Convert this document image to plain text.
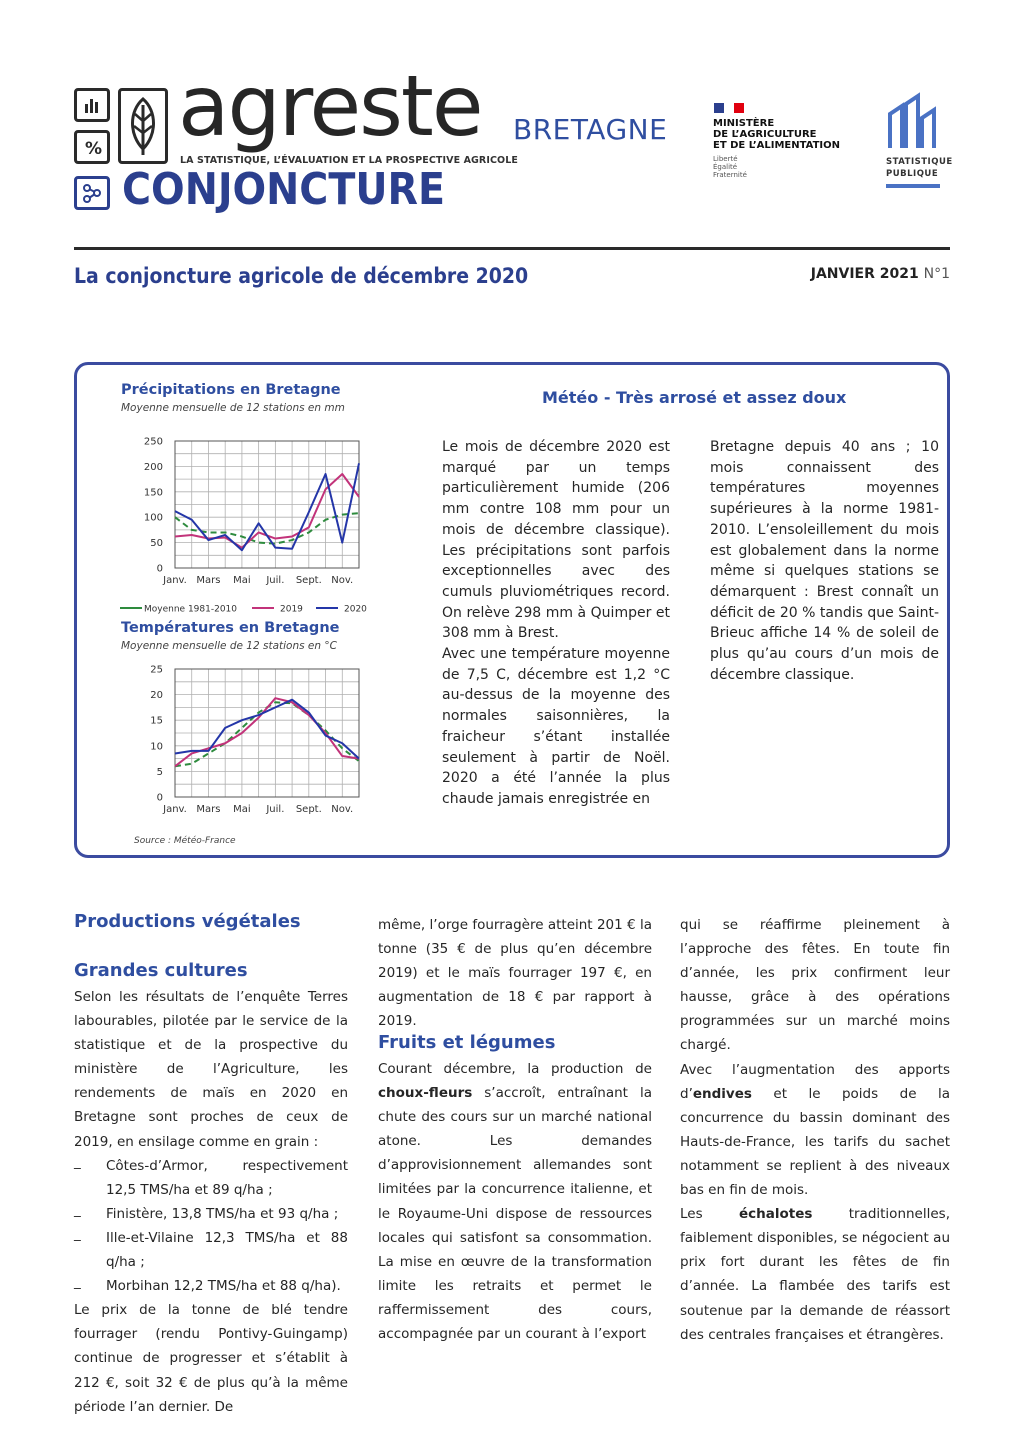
% agreste
LA STATISTIQUE, L’ÉVALUATION ET LA PROSPECTIVE AGRICOLE
CONJONCTURE
BRETAGNE	MINISTÈRE
DE L’AGRICULTURE
ET DE L’ALIMENTATION
Liberté
Égalité
Fraternité
STATISTIQUE
PUBLIQUE
La conjoncture agricole de décembre 2020	JANVIER 2021 N°1
Précipitations en Bretagne
Moyenne mensuelle de 12 stations en mm
0
50
100
150
200
250
Janv. Mars Mai Juil. Sept. Nov.
Moyenne 1981-2010	2019	2020
Températures en Bretagne
Moyenne mensuelle de 12 stations en °C
0
5
10
15
20
25
Janv. Mars Mai Juil. Sept. Nov.
Source : Météo-France
Météo - Très arrosé et assez doux

Le mois de décembre 2020 est marqué par un temps particulièrement humide (206 mm contre 108 mm pour un mois de décembre classique). Les précipitations sont parfois exceptionnelles avec des cumuls pluviométriques record. On relève 298 mm à Quimper et 308 mm à Brest.

Avec une température moyenne de 7,5 C, décembre est 1,2 °C au-dessus de la moyenne des normales saisonnières, la fraicheur s’étant installée seulement à partir de Noël. 2020 a été l’année la plus chaude jamais enregistrée en

Bretagne depuis 40 ans ; 10 mois connaissent des températures moyennes supérieures à la norme 1981-2010. L’ensoleillement du mois est globalement dans la norme même si quelques stations se démarquent : Brest connaît un déficit de 20 % tandis que Saint-Brieuc affiche 14 % de soleil de plus qu’au cours d’un mois de décembre classique.

Productions végétales
Grandes cultures

Selon les résultats de l’enquête Terres labourables, pilotée par le service de la statistique et de la prospective du ministère de l’Agriculture, les rendements de maïs en 2020 en Bretagne sont proches de ceux de 2019, en ensilage comme en grain :

_ Côtes-d’Armor, respectivement 12,5 TMS/ha et 89 q/ha ;

_ Finistère, 13,8 TMS/ha et 93 q/ha ;

_ Ille-et-Vilaine 12,3 TMS/ha et 88 q/ha ;

_ Morbihan 12,2 TMS/ha et 88 q/ha).

Le prix de la tonne de blé tendre fourrager (rendu Pontivy-Guingamp) continue de progresser et s’établit à 212 €, soit 32 € de plus qu’à la même période l’an dernier. De

même, l’orge fourragère atteint 201 € la tonne (35 € de plus qu’en décembre 2019) et le maïs fourrager 197 €, en augmentation de 18 € par rapport à 2019.

Fruits et légumes

Courant décembre, la production de choux-fleurs s’accroît, entraînant la chute des cours sur un marché national atone. Les demandes d’approvisionnement allemandes sont limitées par la concurrence italienne, et le Royaume-Uni dispose de ressources locales qui satisfont sa consommation. La mise en œuvre de la transformation limite les retraits et permet le raffermissement des cours, accompagnée par un courant à l’export

qui se réaffirme pleinement à l’approche des fêtes. En toute fin d’année, les prix confirment leur hausse, grâce à des opérations programmées sur un marché moins chargé.

Avec l’augmentation des apports d’endives et le poids de la concurrence du bassin dominant des Hauts-de-France, les tarifs du sachet notamment se replient à des niveaux bas en fin de mois.

Les échalotes traditionnelles, faiblement disponibles, se négocient au prix fort durant les fêtes de fin d’année. La flambée des tarifs est soutenue par la demande de réassort des centrales françaises et étrangères.
